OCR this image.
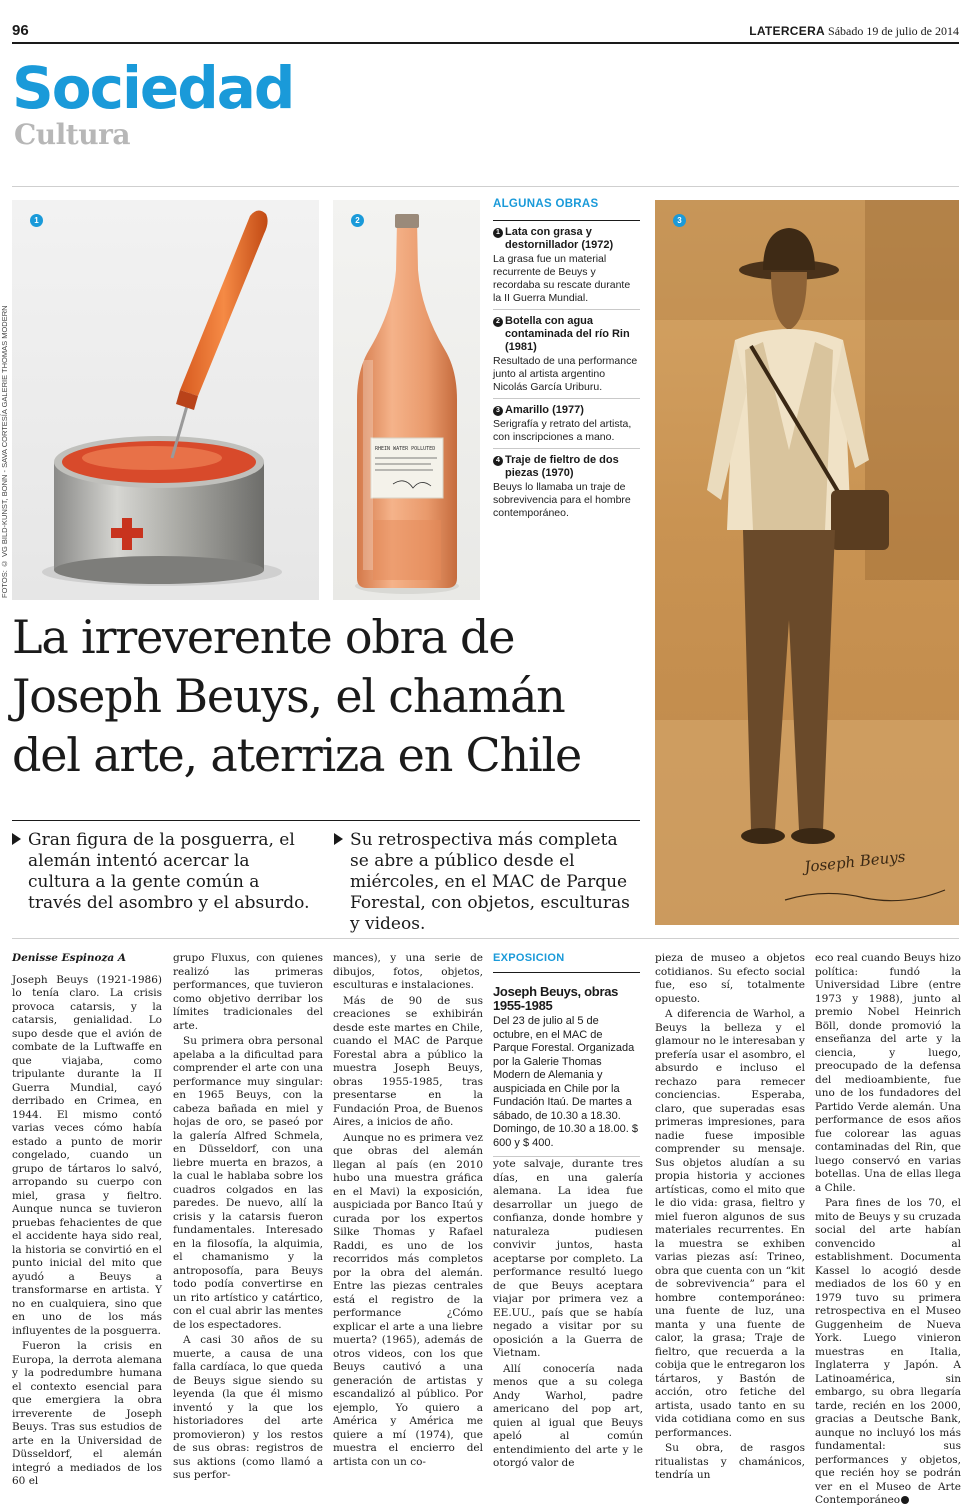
96	LATERCERA Sábado 19 de julio de 2014
Sociedad
Cultura
FOTOS: © VG BILD-KUNST, BONN - SAVA CORTESÍA GALERIE THOMAS MODERN
1
RHEIN WATER POLLUTED
2
Joseph Beuys
3
ALGUNAS OBRAS
1 Lata con grasa y destornillador (1972)
La grasa fue un material recurrente de Beuys y recordaba su rescate durante la II Guerra Mundial.
2 Botella con agua contaminada del río Rin (1981)
Resultado de una performance junto al artista argentino Nicolás García Uriburu.
3 Amarillo (1977)
Serigrafía y retrato del artista, con inscripciones a mano.
4 Traje de fieltro de dos piezas (1970)
Beuys lo llamaba un traje de sobrevivencia para el hombre contemporáneo.
La irreverente obra de Joseph Beuys, el chamán del arte, aterriza en Chile
Gran figura de la posguerra, el alemán intentó acercar la cultura a la gente común a través del asombro y el absurdo.
Su retrospectiva más completa se abre a público desde el miércoles, en el MAC de Parque Forestal, con objetos, esculturas y videos.
Denisse Espinoza A

Joseph Beuys (1921-1986) lo tenía claro. La crisis provoca catarsis, y la catarsis, genialidad. Lo supo desde que el avión de combate de la Luftwaffe en que viajaba, como tripulante durante la II Guerra Mundial, cayó derribado en Crimea, en 1944. El mismo contó varias veces cómo había estado a punto de morir congelado, cuando un grupo de tártaros lo salvó, arropando su cuerpo con miel, grasa y fieltro. Aunque nunca se tuvieron pruebas fehacientes de que el accidente haya sido real, la historia se convirtió en el punto inicial del mito que ayudó a Beuys a transformarse en artista. Y no en cualquiera, sino que en uno de los más influyentes de la posguerra.

Fueron la crisis en Europa, la derrota alemana y la podredumbre humana el contexto esencial para que emergiera la obra irreverente de Joseph Beuys. Tras sus estudios de arte en la Universidad de Düsseldorf, el alemán integró a mediados de los 60 el

grupo Fluxus, con quienes realizó las primeras performances, que tuvieron como objetivo derribar los límites tradicionales del arte.

Su primera obra personal apelaba a la dificultad para comprender el arte con una performance muy singular: en 1965 Beuys, con la cabeza bañada en miel y hojas de oro, se paseó por la galería Alfred Schmela, en Düsseldorf, con una liebre muerta en brazos, a la cual le hablaba sobre los cuadros colgados en las paredes. De nuevo, allí la crisis y la catarsis fueron fundamentales. Interesado en la filosofía, la alquimia, el chamanismo y la antroposofía, para Beuys todo podía convertirse en un rito artístico y catártico, con el cual abrir las mentes de los espectadores.

A casi 30 años de su muerte, a causa de una falla cardíaca, lo que queda de Beuys sigue siendo su leyenda (la que él mismo inventó y la que los historiadores del arte promovieron) y los restos de sus obras: registros de sus aktions (como llamó a sus perfor-

mances), y una serie de dibujos, fotos, objetos, esculturas e instalaciones.

Más de 90 de sus creaciones se exhibirán desde este martes en Chile, cuando el MAC de Parque Forestal abra a público la muestra Joseph Beuys, obras 1955-1985, tras presentarse en la Fundación Proa, de Buenos Aires, a inicios de año.

Aunque no es primera vez que obras del alemán llegan al país (en 2010 hubo una muestra gráfica en el Mavi) la exposición, auspiciada por Banco Itaú y curada por los expertos Silke Thomas y Rafael Raddi, es uno de los recorridos más completos por la obra del alemán. Entre las piezas centrales está el registro de la performance ¿Cómo explicar el arte a una liebre muerta? (1965), además de otros videos, con los que Beuys cautivó a una generación de artistas y escandalizó al público. Por ejemplo, Yo quiero a América y América me quiere a mí (1974), que muestra el encierro del artista con un co-

EXPOSICION
Joseph Beuys, obras 1955-1985
Del 23 de julio al 5 de octubre, en el MAC de Parque Forestal. Organizada por la Galerie Thomas Modern de Alemania y auspiciada en Chile por la Fundación Itaú. De martes a sábado, de 10.30 a 18.30. Domingo, de 10.30 a 18.00. $ 600 y $ 400.

yote salvaje, durante tres días, en una galería alemana. La idea fue desarrollar un juego de confianza, donde hombre y naturaleza pudiesen convivir juntos, hasta aceptarse por completo. La performance resultó luego de que Beuys aceptara viajar por primera vez a EE.UU., país que se había negado a visitar por su oposición a la Guerra de Vietnam.

Allí conocería nada menos que a su colega Andy Warhol, padre americano del pop art, quien al igual que Beuys apeló al común entendimiento del arte y le otorgó valor de

pieza de museo a objetos cotidianos. Su efecto social fue, eso sí, totalmente opuesto.

A diferencia de Warhol, a Beuys la belleza y el glamour no le interesaban y prefería usar el asombro, el absurdo e incluso el rechazo para remecer conciencias. Esperaba, claro, que superadas esas primeras impresiones, para nadie fuese imposible comprender su mensaje. Sus objetos aludían a su propia historia y acciones artísticas, como el mito que le dio vida: grasa, fieltro y miel fueron algunos de sus materiales recurrentes. En la muestra se exhiben varias piezas así: Trineo, obra que cuenta con un “kit de sobrevivencia” para el hombre contemporáneo: una fuente de luz, una manta y una fuente de calor, la grasa; Traje de fieltro, que recuerda a la cobija que le entregaron los tártaros, y Bastón de acción, otro fetiche del artista, usado tanto en su vida cotidiana como en sus performances.

Su obra, de rasgos ritualistas y chamánicos, tendría un

eco real cuando Beuys hizo política: fundó la Universidad Libre (entre 1973 y 1988), junto al premio Nobel Heinrich Böll, donde promovió la enseñanza del arte y la ciencia, y luego, preocupado de la defensa del medioambiente, fue uno de los fundadores del Partido Verde alemán. Una performance de esos años fue colorear las aguas contaminadas del Rin, que luego conservó en varias botellas. Una de ellas llega a Chile.

Para fines de los 70, el mito de Beuys y su cruzada social del arte habían convencido al establishment. Documenta Kassel lo acogió desde mediados de los 60 y en 1979 tuvo su primera retrospectiva en el Museo Guggenheim de Nueva York. Luego vinieron muestras en Italia, Inglaterra y Japón. A Latinoamérica, sin embargo, su obra llegaría tarde, recién en los 2000, gracias a Deutsche Bank, aunque no incluyó los más fundamental: sus performances y objetos, que recién hoy se podrán ver en el Museo de Arte Contemporáneo
